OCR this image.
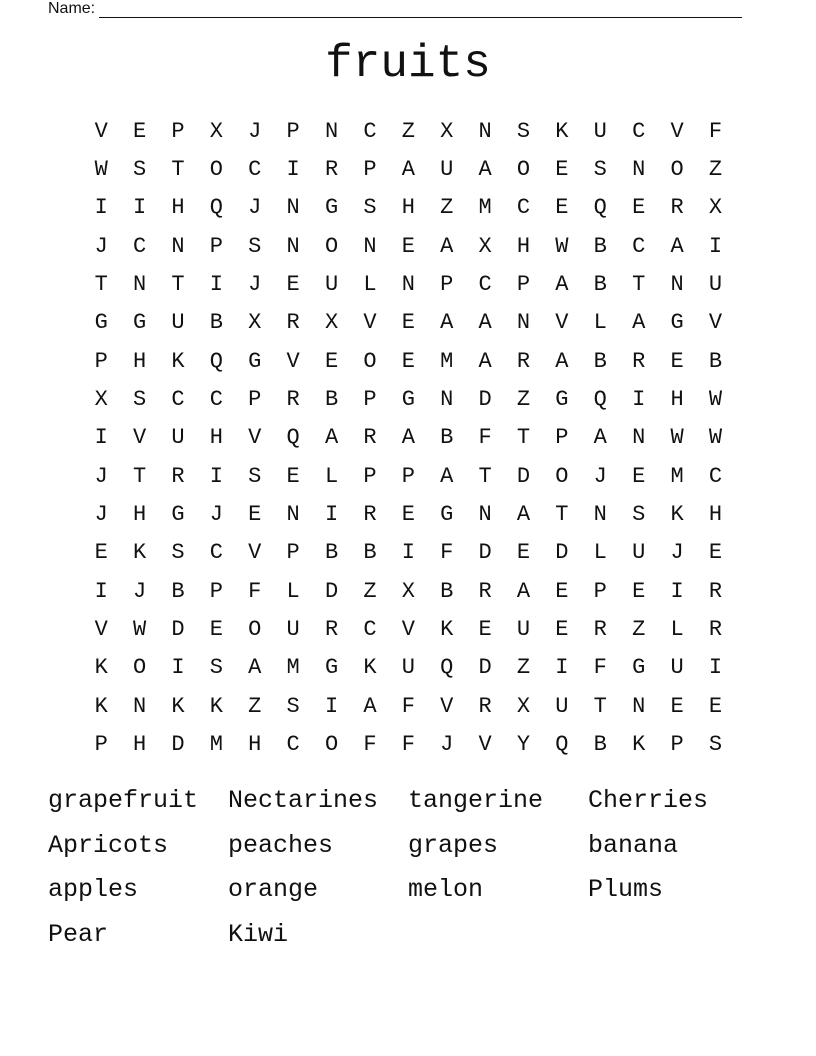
Name:
fruits
V	E	P	X	J	P	N	C	Z	X	N	S	K	U	C	V	F
W	S	T	O	C	I	R	P	A	U	A	O	E	S	N	O	Z
I	I	H	Q	J	N	G	S	H	Z	M	C	E	Q	E	R	X
J	C	N	P	S	N	O	N	E	A	X	H	W	B	C	A	I
T	N	T	I	J	E	U	L	N	P	C	P	A	B	T	N	U
G	G	U	B	X	R	X	V	E	A	A	N	V	L	A	G	V
P	H	K	Q	G	V	E	O	E	M	A	R	A	B	R	E	B
X	S	C	C	P	R	B	P	G	N	D	Z	G	Q	I	H	W
I	V	U	H	V	Q	A	R	A	B	F	T	P	A	N	W	W
J	T	R	I	S	E	L	P	P	A	T	D	O	J	E	M	C
J	H	G	J	E	N	I	R	E	G	N	A	T	N	S	K	H
E	K	S	C	V	P	B	B	I	F	D	E	D	L	U	J	E
I	J	B	P	F	L	D	Z	X	B	R	A	E	P	E	I	R
V	W	D	E	O	U	R	C	V	K	E	U	E	R	Z	L	R
K	O	I	S	A	M	G	K	U	Q	D	Z	I	F	G	U	I
K	N	K	K	Z	S	I	A	F	V	R	X	U	T	N	E	E
P	H	D	M	H	C	O	F	F	J	V	Y	Q	B	K	P	S
grapefruit	Nectarines	tangerine	Cherries
Apricots	peaches	grapes	banana
apples	orange	melon	Plums
Pear	Kiwi
